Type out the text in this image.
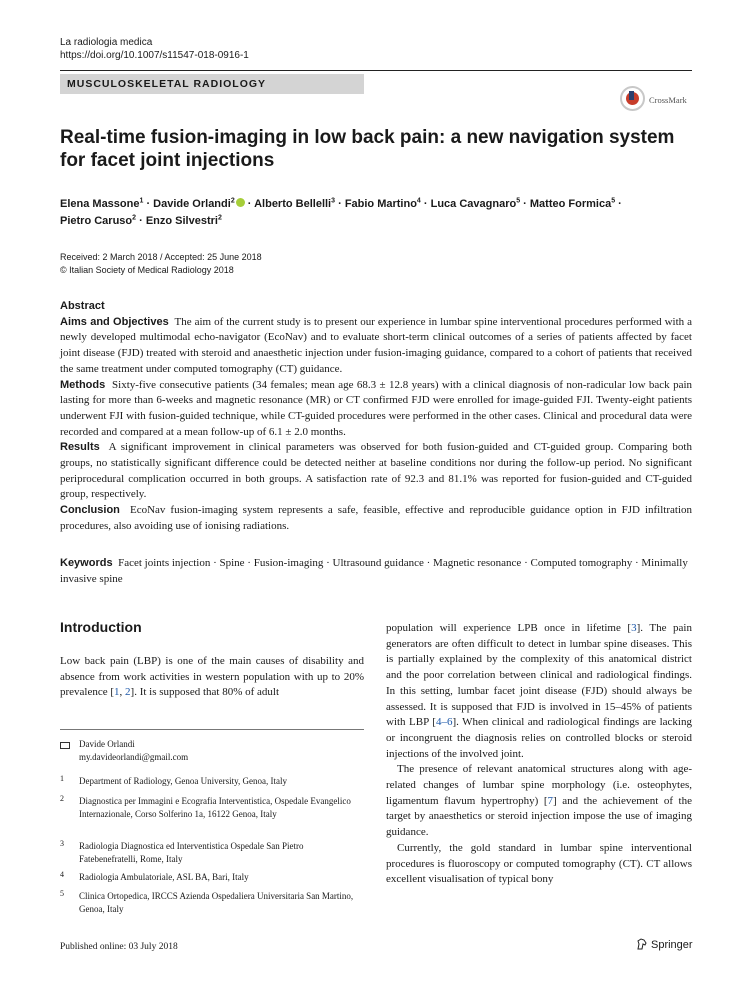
La radiologia medica
https://doi.org/10.1007/s11547-018-0916-1
MUSCULOSKELETAL RADIOLOGY
CrossMark
Real-time fusion-imaging in low back pain: a new navigation system for facet joint injections
Elena Massone$^1$ · Davide Orlandi$^2$ · Alberto Bellelli$^3$ · Fabio Martino$^4$ · Luca Cavagnaro$^5$ · Matteo Formica$^5$ ·
Pietro Caruso$^2$ · Enzo Silvestri$^2$
Received: 2 March 2018 / Accepted: 25 June 2018
© Italian Society of Medical Radiology 2018

Abstract

Aims and Objectives The aim of the current study is to present our experience in lumbar spine interventional procedures performed with a newly developed multimodal echo-navigator (EcoNav) and to evaluate short-term clinical outcomes of a series of patients affected by facet joint disease (FJD) treated with steroid and anaesthetic injection under fusion-imaging guidance, compared to a cohort of patients that received the same treatment under computed tomography (CT) guidance.

Methods Sixty-five consecutive patients (34 females; mean age 68.3 ± 12.8 years) with a clinical diagnosis of non-radicular low back pain lasting for more than 6-weeks and magnetic resonance (MR) or CT confirmed FJD were enrolled for image-guided FJI. Twenty-eight patients underwent FJI with fusion-guided technique, while CT-guided procedures were performed in the other cases. Clinical and procedural data were recorded and compared at a mean follow-up of 6.1 ± 2.0 months.

Results A significant improvement in clinical parameters was observed for both fusion-guided and CT-guided group. Comparing both groups, no statistically significant difference could be detected neither at baseline conditions nor during the follow-up period. No significant periprocedural complication occurred in both groups. A satisfaction rate of 92.3 and 81.1% was reported for fusion-guided and CT-guided group, respectively.

Conclusion EcoNav fusion-imaging system represents a safe, feasible, effective and reproducible guidance option in FJD infiltration procedures, also avoiding use of ionising radiations.

Keywords Facet joints injection · Spine · Fusion-imaging · Ultrasound guidance · Magnetic resonance · Computed tomography · Minimally invasive spine
Introduction
Low back pain (LBP) is one of the main causes of disability and absence from work activities in western population with up to 20% prevalence [1, 2]. It is supposed that 80% of adult

population will experience LPB once in lifetime [3]. The pain generators are often difficult to detect in lumbar spine diseases. This is partially explained by the complexity of this anatomical district and the poor correlation between clinical and radiological findings. In this setting, lumbar facet joint disease (FJD) should always be assessed. It is supposed that FJD is involved in 15–45% of patients with LBP [4–6]. When clinical and radiological findings are lacking or incongruent the diagnosis relies on controlled blocks or steroid injections of the involved joint.

The presence of relevant anatomical structures along with age-related changes of lumbar spine morphology (i.e. osteophytes, ligamentum flavum hypertrophy) [7] and the achievement of the target by anaesthetics or steroid injection impose the use of imaging guidance.

Currently, the gold standard in lumbar spine interventional procedures is fluoroscopy or computed tomography (CT). CT allows excellent visualisation of typical bony

Davide Orlandi
my.davideorlandi@gmail.com
1 Department of Radiology, Genoa University, Genoa, Italy
2 Diagnostica per Immagini e Ecografia Interventistica, Ospedale Evangelico Internazionale, Corso Solferino 1a, 16122 Genoa, Italy
3 Radiologia Diagnostica ed Interventistica Ospedale San Pietro Fatebenefratelli, Rome, Italy
4 Radiologia Ambulatoriale, ASL BA, Bari, Italy
5 Clinica Ortopedica, IRCCS Azienda Ospedaliera Universitaria San Martino, Genoa, Italy
Published online: 03 July 2018	Springer
